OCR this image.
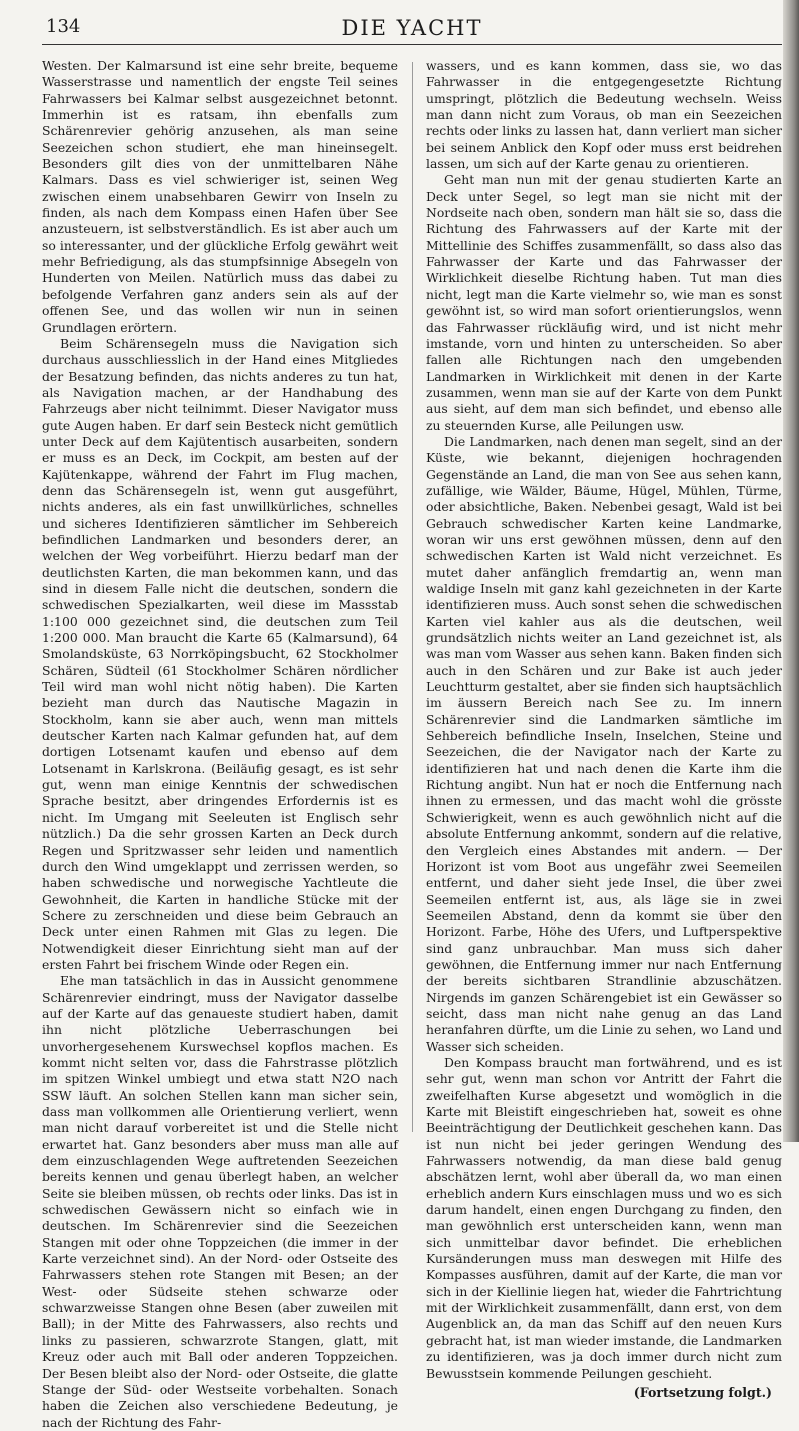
134	DIE YACHT

Westen. Der Kalmarsund ist eine sehr breite, bequeme Wasserstrasse und namentlich der engste Teil seines Fahrwassers bei Kalmar selbst ausgezeichnet betonnt. Immerhin ist es ratsam, ihn ebenfalls zum Schärenrevier gehörig anzusehen, als man seine Seezeichen schon studiert, ehe man hineinsegelt. Besonders gilt dies von der unmittelbaren Nähe Kalmars. Dass es viel schwieriger ist, seinen Weg zwischen einem unabsehbaren Gewirr von Inseln zu finden, als nach dem Kompass einen Hafen über See anzusteuern, ist selbstverständlich. Es ist aber auch um so interessanter, und der glückliche Erfolg gewährt weit mehr Befriedigung, als das stumpfsinnige Absegeln von Hunderten von Meilen. Natürlich muss das dabei zu befolgende Verfahren ganz anders sein als auf der offenen See, und das wollen wir nun in seinen Grundlagen erörtern.

Beim Schärensegeln muss die Navigation sich durchaus ausschliesslich in der Hand eines Mitgliedes der Besatzung befinden, das nichts anderes zu tun hat, als Navigation machen, ar der Handhabung des Fahrzeugs aber nicht teilnimmt. Dieser Navigator muss gute Augen haben. Er darf sein Besteck nicht gemütlich unter Deck auf dem Kajütentisch ausarbeiten, sondern er muss es an Deck, im Cockpit, am besten auf der Kajütenkappe, während der Fahrt im Flug machen, denn das Schärensegeln ist, wenn gut ausgeführt, nichts anderes, als ein fast unwillkürliches, schnelles und sicheres Identifizieren sämtlicher im Sehbereich befindlichen Landmarken und besonders derer, an welchen der Weg vorbeiführt. Hierzu bedarf man der deutlichsten Karten, die man bekommen kann, und das sind in diesem Falle nicht die deutschen, sondern die schwedischen Spezialkarten, weil diese im Massstab 1:100 000 gezeichnet sind, die deutschen zum Teil 1:200 000. Man braucht die Karte 65 (Kalmarsund), 64 Smolandsküste, 63 Norrköpingsbucht, 62 Stockholmer Schären, Südteil (61 Stockholmer Schären nördlicher Teil wird man wohl nicht nötig haben). Die Karten bezieht man durch das Nautische Magazin in Stockholm, kann sie aber auch, wenn man mittels deutscher Karten nach Kalmar gefunden hat, auf dem dortigen Lotsenamt kaufen und ebenso auf dem Lotsenamt in Karlskrona. (Beiläufig gesagt, es ist sehr gut, wenn man einige Kenntnis der schwedischen Sprache besitzt, aber dringendes Erfordernis ist es nicht. Im Umgang mit Seeleuten ist Englisch sehr nützlich.) Da die sehr grossen Karten an Deck durch Regen und Spritzwasser sehr leiden und namentlich durch den Wind umgeklappt und zerrissen werden, so haben schwedische und norwegische Yachtleute die Gewohnheit, die Karten in handliche Stücke mit der Schere zu zerschneiden und diese beim Gebrauch an Deck unter einen Rahmen mit Glas zu legen. Die Notwendigkeit dieser Einrichtung sieht man auf der ersten Fahrt bei frischem Winde oder Regen ein.

Ehe man tatsächlich in das in Aussicht genommene Schärenrevier eindringt, muss der Navigator dasselbe auf der Karte auf das genaueste studiert haben, damit ihn nicht plötzliche Ueberraschungen bei unvorhergesehenem Kurswechsel kopflos machen. Es kommt nicht selten vor, dass die Fahrstrasse plötzlich im spitzen Winkel umbiegt und etwa statt N2O nach SSW läuft. An solchen Stellen kann man sicher sein, dass man vollkommen alle Orientierung verliert, wenn man nicht darauf vorbereitet ist und die Stelle nicht erwartet hat. Ganz besonders aber muss man alle auf dem einzuschlagenden Wege auftretenden Seezeichen bereits kennen und genau überlegt haben, an welcher Seite sie bleiben müssen, ob rechts oder links. Das ist in schwedischen Gewässern nicht so einfach wie in deutschen. Im Schärenrevier sind die Seezeichen Stangen mit oder ohne Toppzeichen (die immer in der Karte verzeichnet sind). An der Nord- oder Ostseite des Fahrwassers stehen rote Stangen mit Besen; an der West- oder Südseite stehen schwarze oder schwarzweisse Stangen ohne Besen (aber zuweilen mit Ball); in der Mitte des Fahrwassers, also rechts und links zu passieren, schwarzrote Stangen, glatt, mit Kreuz oder auch mit Ball oder anderen Toppzeichen. Der Besen bleibt also der Nord- oder Ostseite, die glatte Stange der Süd- oder Westseite vorbehalten. Sonach haben die Zeichen also verschiedene Bedeutung, je nach der Richtung des Fahr-

wassers, und es kann kommen, dass sie, wo das Fahrwasser in die entgegengesetzte Richtung umspringt, plötzlich die Bedeutung wechseln. Weiss man dann nicht zum Voraus, ob man ein Seezeichen rechts oder links zu lassen hat, dann verliert man sicher bei seinem Anblick den Kopf oder muss erst beidrehen lassen, um sich auf der Karte genau zu orientieren.

Geht man nun mit der genau studierten Karte an Deck unter Segel, so legt man sie nicht mit der Nordseite nach oben, sondern man hält sie so, dass die Richtung des Fahrwassers auf der Karte mit der Mittellinie des Schiffes zusammenfällt, so dass also das Fahrwasser der Karte und das Fahrwasser der Wirklichkeit dieselbe Richtung haben. Tut man dies nicht, legt man die Karte vielmehr so, wie man es sonst gewöhnt ist, so wird man sofort orientierungslos, wenn das Fahrwasser rückläufig wird, und ist nicht mehr imstande, vorn und hinten zu unterscheiden. So aber fallen alle Richtungen nach den umgebenden Landmarken in Wirklichkeit mit denen in der Karte zusammen, wenn man sie auf der Karte von dem Punkt aus sieht, auf dem man sich befindet, und ebenso alle zu steuernden Kurse, alle Peilungen usw.

Die Landmarken, nach denen man segelt, sind an der Küste, wie bekannt, diejenigen hochragenden Gegenstände an Land, die man von See aus sehen kann, zufällige, wie Wälder, Bäume, Hügel, Mühlen, Türme, oder absichtliche, Baken. Nebenbei gesagt, Wald ist bei Gebrauch schwedischer Karten keine Landmarke, woran wir uns erst gewöhnen müssen, denn auf den schwedischen Karten ist Wald nicht verzeichnet. Es mutet daher anfänglich fremdartig an, wenn man waldige Inseln mit ganz kahl gezeichneten in der Karte identifizieren muss. Auch sonst sehen die schwedischen Karten viel kahler aus als die deutschen, weil grundsätzlich nichts weiter an Land gezeichnet ist, als was man vom Wasser aus sehen kann. Baken finden sich auch in den Schären und zur Bake ist auch jeder Leuchtturm gestaltet, aber sie finden sich hauptsächlich im äussern Bereich nach See zu. Im innern Schärenrevier sind die Landmarken sämtliche im Sehbereich befindliche Inseln, Inselchen, Steine und Seezeichen, die der Navigator nach der Karte zu identifizieren hat und nach denen die Karte ihm die Richtung angibt. Nun hat er noch die Entfernung nach ihnen zu ermessen, und das macht wohl die grösste Schwierigkeit, wenn es auch gewöhnlich nicht auf die absolute Entfernung ankommt, sondern auf die relative, den Vergleich eines Abstandes mit andern. — Der Horizont ist vom Boot aus ungefähr zwei Seemeilen entfernt, und daher sieht jede Insel, die über zwei Seemeilen entfernt ist, aus, als läge sie in zwei Seemeilen Abstand, denn da kommt sie über den Horizont. Farbe, Höhe des Ufers, und Luftperspektive sind ganz unbrauchbar. Man muss sich daher gewöhnen, die Entfernung immer nur nach Entfernung der bereits sichtbaren Strandlinie abzuschätzen. Nirgends im ganzen Schärengebiet ist ein Gewässer so seicht, dass man nicht nahe genug an das Land heranfahren dürfte, um die Linie zu sehen, wo Land und Wasser sich scheiden.

Den Kompass braucht man fortwährend, und es ist sehr gut, wenn man schon vor Antritt der Fahrt die zweifelhaften Kurse abgesetzt und womöglich in die Karte mit Bleistift eingeschrieben hat, soweit es ohne Beeinträchtigung der Deutlichkeit geschehen kann. Das ist nun nicht bei jeder geringen Wendung des Fahrwassers notwendig, da man diese bald genug abschätzen lernt, wohl aber überall da, wo man einen erheblich andern Kurs einschlagen muss und wo es sich darum handelt, einen engen Durchgang zu finden, den man gewöhnlich erst unterscheiden kann, wenn man sich unmittelbar davor befindet. Die erheblichen Kursänderungen muss man deswegen mit Hilfe des Kompasses ausführen, damit auf der Karte, die man vor sich in der Kiellinie liegen hat, wieder die Fahrtrichtung mit der Wirklichkeit zusammenfällt, dann erst, von dem Augenblick an, da man das Schiff auf den neuen Kurs gebracht hat, ist man wieder imstande, die Landmarken zu identifizieren, was ja doch immer durch nicht zum Bewusstsein kommende Peilungen geschieht.

(Fortsetzung folgt.)
